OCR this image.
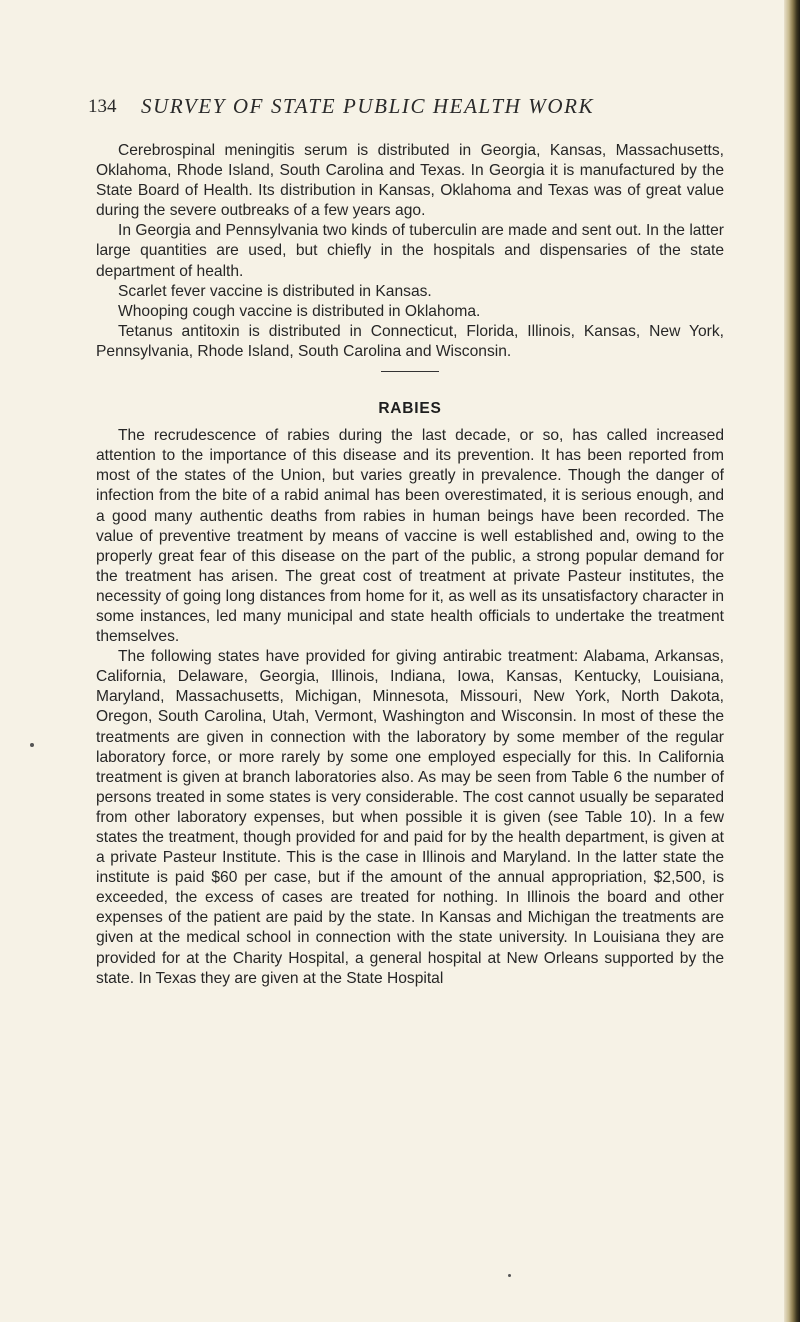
134 SURVEY OF STATE PUBLIC HEALTH WORK

Cerebrospinal meningitis serum is distributed in Georgia, Kansas, Massachusetts, Oklahoma, Rhode Island, South Carolina and Texas. In Georgia it is manufactured by the State Board of Health. Its distribution in Kansas, Oklahoma and Texas was of great value during the severe outbreaks of a few years ago.

In Georgia and Pennsylvania two kinds of tuberculin are made and sent out. In the latter large quantities are used, but chiefly in the hospitals and dispensaries of the state department of health.

Scarlet fever vaccine is distributed in Kansas.

Whooping cough vaccine is distributed in Oklahoma.

Tetanus antitoxin is distributed in Connecticut, Florida, Illinois, Kansas, New York, Pennsylvania, Rhode Island, South Carolina and Wisconsin.

RABIES

The recrudescence of rabies during the last decade, or so, has called increased attention to the importance of this disease and its prevention. It has been reported from most of the states of the Union, but varies greatly in prevalence. Though the danger of infection from the bite of a rabid animal has been overestimated, it is serious enough, and a good many authentic deaths from rabies in human beings have been recorded. The value of preventive treatment by means of vaccine is well established and, owing to the properly great fear of this disease on the part of the public, a strong popular demand for the treatment has arisen. The great cost of treatment at private Pasteur institutes, the necessity of going long distances from home for it, as well as its unsatisfactory character in some instances, led many municipal and state health officials to undertake the treatment themselves.

The following states have provided for giving antirabic treatment: Alabama, Arkansas, California, Delaware, Georgia, Illinois, Indiana, Iowa, Kansas, Kentucky, Louisiana, Maryland, Massachusetts, Michigan, Minnesota, Missouri, New York, North Dakota, Oregon, South Carolina, Utah, Vermont, Washington and Wisconsin. In most of these the treatments are given in connection with the laboratory by some member of the regular laboratory force, or more rarely by some one employed especially for this. In California treatment is given at branch laboratories also. As may be seen from Table 6 the number of persons treated in some states is very considerable. The cost cannot usually be separated from other laboratory expenses, but when possible it is given (see Table 10). In a few states the treatment, though provided for and paid for by the health department, is given at a private Pasteur Institute. This is the case in Illinois and Maryland. In the latter state the institute is paid $60 per case, but if the amount of the annual appropriation, $2,500, is exceeded, the excess of cases are treated for nothing. In Illinois the board and other expenses of the patient are paid by the state. In Kansas and Michigan the treatments are given at the medical school in connection with the state university. In Louisiana they are provided for at the Charity Hospital, a general hospital at New Orleans supported by the state. In Texas they are given at the State Hospital
